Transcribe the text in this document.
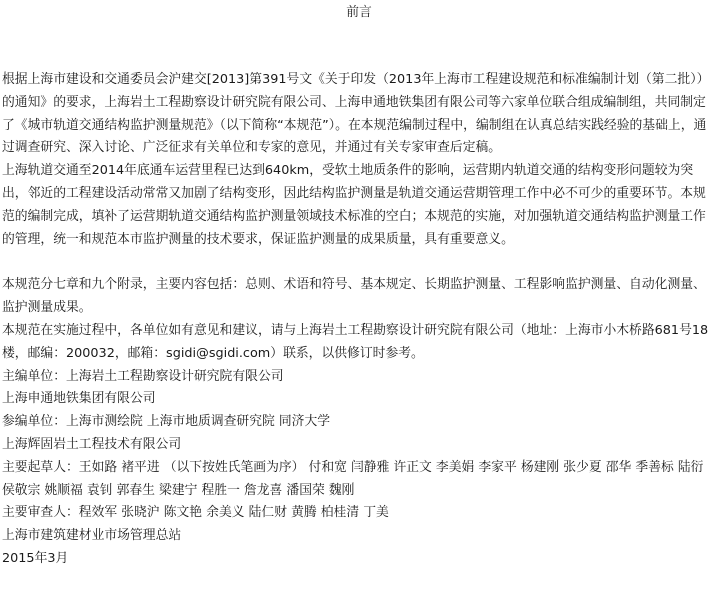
前言

根据上海市建设和交通委员会沪建交[2013]第391号文《关于印发（2013年上海市工程建设规范和标准编制计划（第二批））的通知》的要求，上海岩土工程勘察设计研究院有限公司、上海申通地铁集团有限公司等六家单位联合组成编制组，共同制定了《城市轨道交通结构监护测量规范》（以下简称“本规范”）。在本规范编制过程中，编制组在认真总结实践经验的基础上，通过调查研究、深入讨论、广泛征求有关单位和专家的意见，并通过有关专家审查后定稿。

上海轨道交通至2014年底通车运营里程已达到640km，受软土地质条件的影响，运营期内轨道交通的结构变形问题较为突出，邻近的工程建设活动常常又加剧了结构变形，因此结构监护测量是轨道交通运营期管理工作中必不可少的重要环节。本规范的编制完成，填补了运营期轨道交通结构监护测量领域技术标准的空白；本规范的实施，对加强轨道交通结构监护测量工作的管理，统一和规范本市监护测量的技术要求，保证监护测量的成果质量，具有重要意义。

本规范分七章和九个附录，主要内容包括：总则、术语和符号、基本规定、长期监护测量、工程影响监护测量、自动化测量、监护测量成果。

本规范在实施过程中，各单位如有意见和建议，请与上海岩土工程勘察设计研究院有限公司（地址：上海市小木桥路681号18楼，邮编：200032，邮箱：sgidi@sgidi.com）联系，以供修订时参考。

主编单位：上海岩土工程勘察设计研究院有限公司

上海申通地铁集团有限公司

参编单位：上海市测绘院 上海市地质调查研究院 同济大学

上海辉固岩土工程技术有限公司

主要起草人：王如路 褚平进 （以下按姓氏笔画为序） 付和宽 闫静雅 许正文 李美娟 李家平 杨建刚 张少夏 邵华 季善标 陆衍 侯敬宗 姚顺福 袁钊 郭春生 梁建宁 程胜一 詹龙喜 潘国荣 魏刚

主要审查人：程效军 张晓沪 陈文艳 余美义 陆仁财 黄腾 柏桂清 丁美

上海市建筑建材业市场管理总站

2015年3月
